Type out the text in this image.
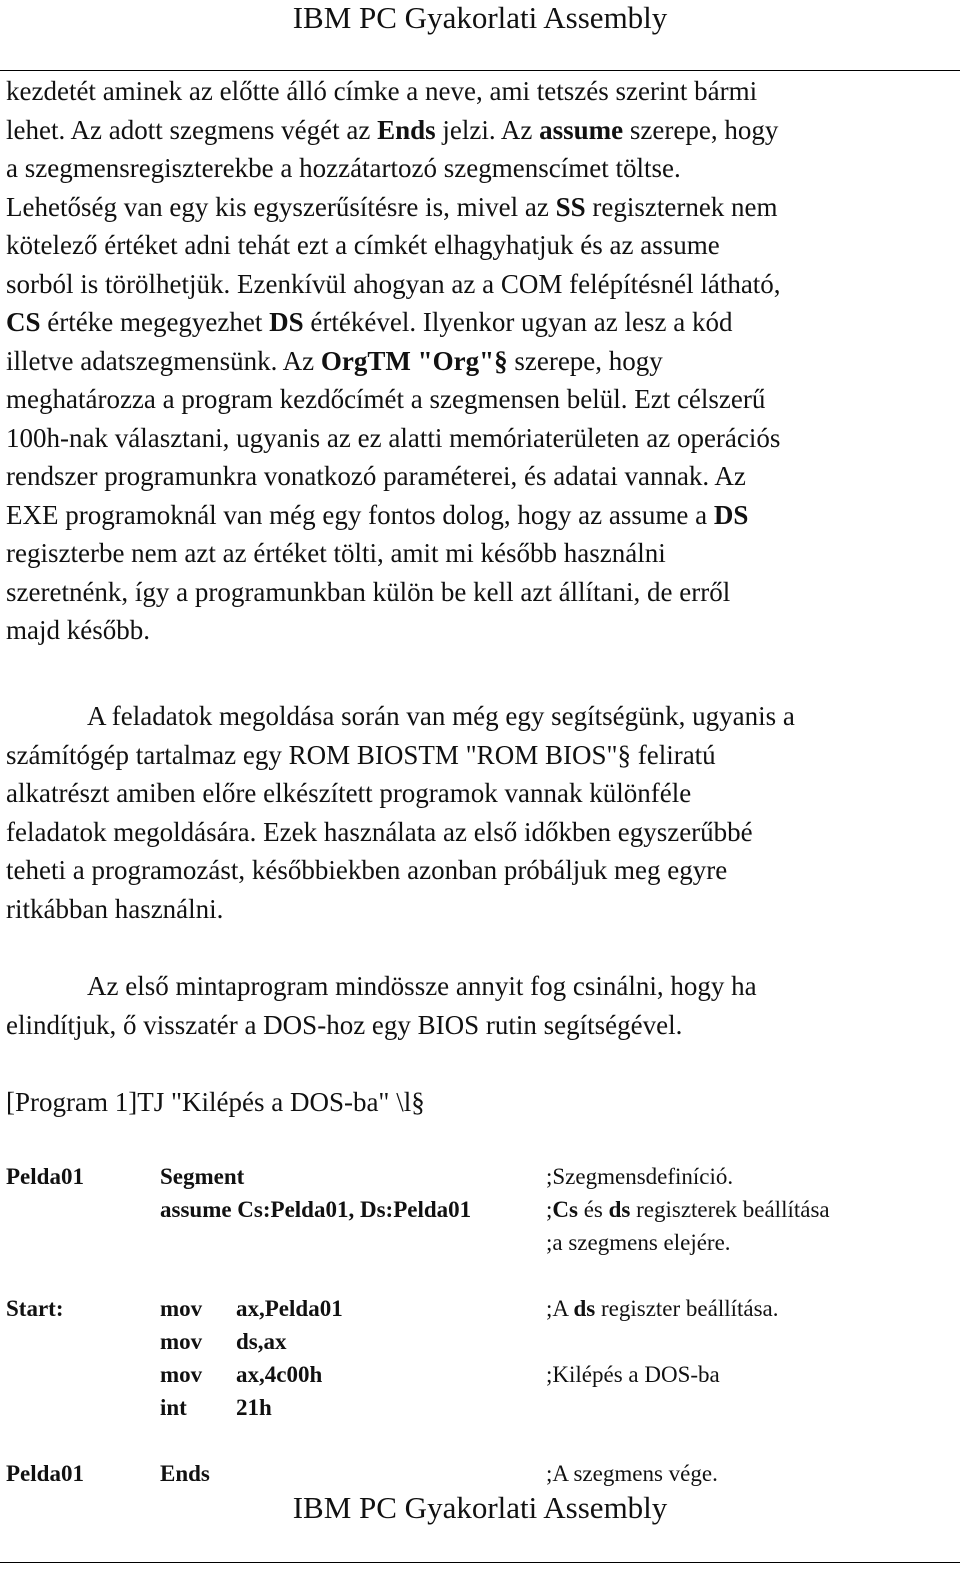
IBM PC Gyakorlati Assembly
kezdetét aminek az előtte álló címke a neve, ami tetszés szerint bármi
lehet. Az adott szegmens végét az Ends jelzi. Az assume szerepe, hogy
a szegmensregiszterekbe a hozzátartozó szegmenscímet töltse.
Lehetőség van egy kis egyszerűsítésre is, mivel az SS regiszternek nem
kötelező értéket adni tehát ezt a címkét elhagyhatjuk és az assume
sorból is törölhetjük. Ezenkívül ahogyan az a COM felépítésnél látható,
CS értéke megegyezhet DS értékével. Ilyenkor ugyan az lesz a kód
illetve adatszegmensünk. Az OrgTM "Org"§ szerepe, hogy
meghatározza a program kezdőcímét a szegmensen belül. Ezt célszerű
100h-nak választani, ugyanis az ez alatti memóriaterületen az operációs
rendszer programunkra vonatkozó paraméterei, és adatai vannak. Az
EXE programoknál van még egy fontos dolog, hogy az assume a DS
regiszterbe nem azt az értéket tölti, amit mi később használni
szeretnénk, így a programunkban külön be kell azt állítani, de erről
majd később.
   A feladatok megoldása során van még egy segítségünk, ugyanis a
számítógép tartalmaz egy ROM BIOSTM "ROM BIOS"§ feliratú
alkatrészt amiben előre elkészített programok vannak különféle
feladatok megoldására. Ezek használata az első időkben egyszerűbbé
teheti a programozást, későbbiekben azonban próbáljuk meg egyre
ritkábban használni.
   Az első mintaprogram mindössze annyit fog csinálni, hogy ha
elindítjuk, ő visszatér a DOS-hoz egy BIOS rutin segítségével.
[Program 1]TJ "Kilépés a DOS-ba" \l§
Pelda01	Segment	;Szegmensdefiníció.
assume Cs:Pelda01, Ds:Pelda01	;Cs és ds regiszterek beállítása
;a szegmens elejére.
Start:	mov ax,Pelda01	;A ds regiszter beállítása.
mov ds,ax
mov ax,4c00h	;Kilépés a DOS-ba
int 21h
Pelda01	Ends	;A szegmens vége.
IBM PC Gyakorlati Assembly
